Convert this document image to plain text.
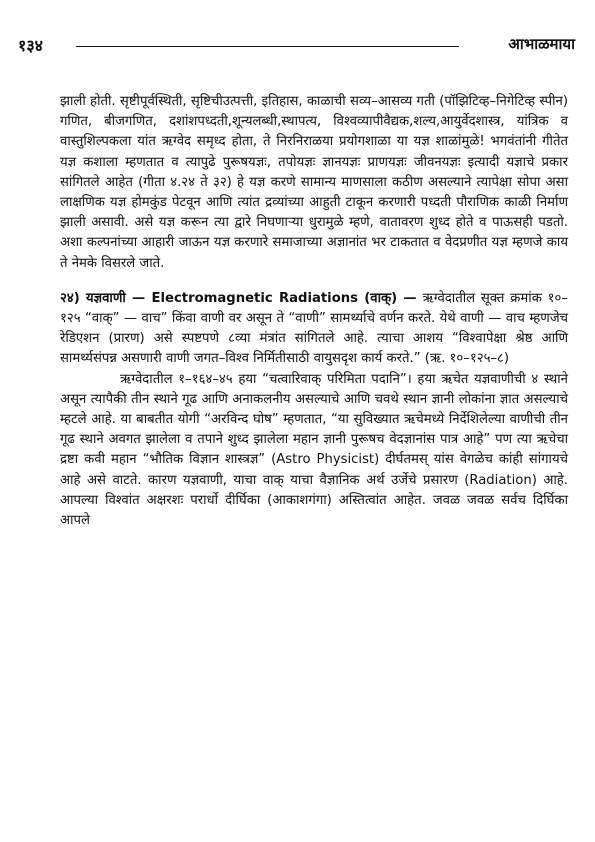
१३४	आभाळमाया

झाली होती. सृष्टीपूर्वस्थिती, सृष्टिचीउत्पत्ती, इतिहास, काळाची सव्य–आसव्य गती (पॉझिटिव्ह–निगेटिव्ह स्पीन) गणित, बीजगणित, दशांशपध्दती,शून्यलब्धी,स्थापत्य, विश्वव्यापीवैद्यक,शल्य,आयुर्वेदशास्त्र, यांत्रिक व वास्तुशिल्पकला यांत ऋग्वेद समृध्द होता, ते निरनिराळया प्रयोगशाळा या यज्ञ शाळांमुळे! भगवंतांनी गीतेत यज्ञ कशाला म्हणतात व त्यापुढे पुरूषयज्ञः, तपोयज्ञः ज्ञानयज्ञः प्राणयज्ञः जीवनयज्ञः इत्यादी यज्ञाचे प्रकार सांगितले आहेत (गीता ४.२४ ते ३२) हे यज्ञ करणे सामान्य माणसाला कठीण असल्याने त्यापेक्षा सोपा असा लाक्षणिक यज्ञ होमकुंड पेटवून आणि त्यांत द्रव्यांच्या आहुती टाकून करणारी पध्दती पौराणिक काळी निर्माण झाली असावी. असे यज्ञ करून त्या द्वारे निघणाऱ्या धुरामुळे म्हणे, वातावरण शुध्द होते व पाऊसही पडतो. अशा कल्पनांच्या आहारी जाऊन यज्ञ करणारे समाजाच्या अज्ञानांत भर टाकतात व वेदप्रणीत यज्ञ म्हणजे काय ते नेमके विसरले जाते.

२४) यज्ञवाणी — Electromagnetic Radiations (वाक्) — ऋग्वेदातील सूक्त क्रमांक १०–१२५ “वाक्” — वाच” किंवा वाणी वर असून ते “वाणी” सामर्थ्याचे वर्णन करते. येथे वाणी — वाच म्हणजेच रेडिएशन (प्रारण) असे स्पष्टपणे ८व्या मंत्रांत सांगितले आहे. त्याचा आशय “विश्वापेक्षा श्रेष्ठ आणि सामर्थ्यसंपन्न असणारी वाणी जगत–विश्व निर्मितीसाठी वायुसदृश कार्य करते.” (ऋ. १०–१२५–८)

ऋग्वेदातील १–१६४–४५ हया “चत्वारिवाक् परिमिता पदानि”। हया ऋचेत यज्ञवाणीची ४ स्थाने असून त्यापैकी तीन स्थाने गूढ आणि अनाकलनीय असल्याचे आणि चवथे स्थान ज्ञानी लोकांना ज्ञात असल्याचे म्हटले आहे. या बाबतीत योगी “अरविन्द घोष” म्हणतात, “या सुविख्यात ऋचेमध्ये निर्देशिलेल्या वाणीची तीन गूढ स्थाने अवगत झालेला व तपाने शुध्द झालेला महान ज्ञानी पुरूषच वेदज्ञानांस पात्र आहे” पण त्या ऋचेचा द्रष्टा कवी महान “भौतिक विज्ञान शास्त्रज्ञ” (Astro Physicist) दीर्घतमस् यांस वेगळेच कांही सांगायचे आहे असे वाटते. कारण यज्ञवाणी, याचा वाक् याचा वैज्ञानिक अर्थ उर्जेचे प्रसारण (Radiation) आहे. आपल्या विश्वांत अक्षरशः परार्धो दीर्घिका (आकाशगंगा) अस्तित्वांत आहेत. जवळ जवळ सर्वच दिर्घिका आपले
